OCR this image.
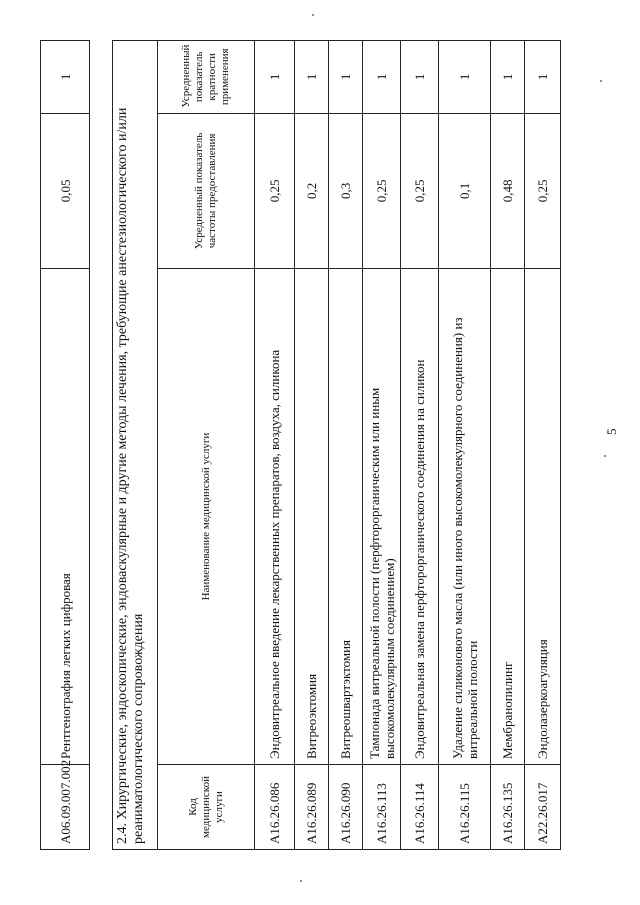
5
A06.09.007.002	Рентгенография легких цифровая	0,05	1
2.4. Хирургические, эндоскопические, эндоваскулярные и другие методы лечения, требующие анестезиологического и/или реаниматологического сопровождения			
Код медицинской услуги	Наименование медицинской услуги	Усредненный показатель частоты предоставления	Усредненный показатель кратности применения
A16.26.086	Эндовитреальное введение лекарственных препаратов, воздуха, силикона	0,25	1
A16.26.089	Витреоэктомия	0,2	1
A16.26.090	Витреошвартэктомия	0,3	1
A16.26.113	Тампонада витреальной полости (перфторорганическим или иным высокомолекулярным соединением)	0,25	1
A16.26.114	Эндовитреальная замена перфторорганического соединения на силикон	0,25	1
A16.26.115	Удаление силиконового масла (или иного высокомолекулярного соединения) из витреальной полости	0,1	1
A16.26.135	Мембранопилинг	0,48	1
A22.26.017	Эндолазеркоагуляция	0,25	1
